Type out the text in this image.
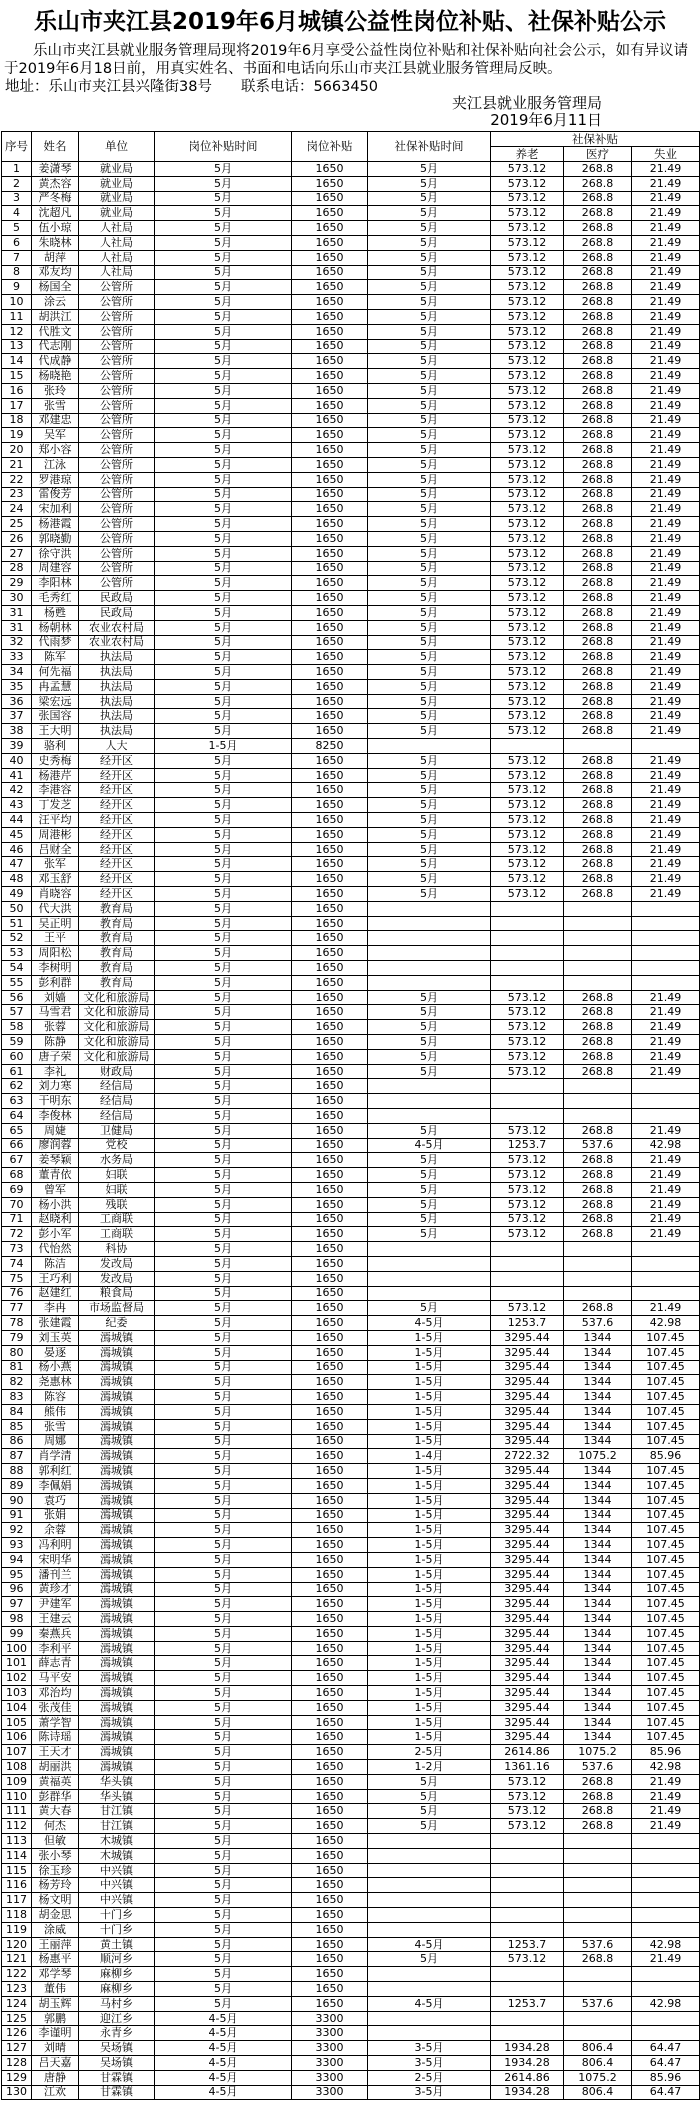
乐山市夹江县2019年6月城镇公益性岗位补贴、社保补贴公示
乐山市夹江县就业服务管理局现将2019年6月享受公益性岗位补贴和社保补贴向社会公示，如有异议请于2019年6月18日前，用真实姓名、书面和电话向乐山市夹江县就业服务管理局反映。
地址：乐山市夹江县兴隆街38号　　联系电话：5663450
夹江县就业服务管理局
2019年6月11日
序号	姓名	单位	岗位补贴时间	岗位补贴	社保补贴时间	社保补贴		
						养老	医疗	失业
1	姜潇琴	就业局	5月	1650	5月	573.12	268.8	21.49
2	黄杰容	就业局	5月	1650	5月	573.12	268.8	21.49
3	严冬梅	就业局	5月	1650	5月	573.12	268.8	21.49
4	沈超凡	就业局	5月	1650	5月	573.12	268.8	21.49
5	伍小琼	人社局	5月	1650	5月	573.12	268.8	21.49
6	朱晓林	人社局	5月	1650	5月	573.12	268.8	21.49
7	胡萍	人社局	5月	1650	5月	573.12	268.8	21.49
8	邓友均	人社局	5月	1650	5月	573.12	268.8	21.49
9	杨国全	公管所	5月	1650	5月	573.12	268.8	21.49
10	涂云	公管所	5月	1650	5月	573.12	268.8	21.49
11	胡洪江	公管所	5月	1650	5月	573.12	268.8	21.49
12	代胜文	公管所	5月	1650	5月	573.12	268.8	21.49
13	代志刚	公管所	5月	1650	5月	573.12	268.8	21.49
14	代成静	公管所	5月	1650	5月	573.12	268.8	21.49
15	杨晓艳	公管所	5月	1650	5月	573.12	268.8	21.49
16	张玲	公管所	5月	1650	5月	573.12	268.8	21.49
17	张雪	公管所	5月	1650	5月	573.12	268.8	21.49
18	邓建忠	公管所	5月	1650	5月	573.12	268.8	21.49
19	吴军	公管所	5月	1650	5月	573.12	268.8	21.49
20	郑小容	公管所	5月	1650	5月	573.12	268.8	21.49
21	江泳	公管所	5月	1650	5月	573.12	268.8	21.49
22	罗港琼	公管所	5月	1650	5月	573.12	268.8	21.49
23	雷俊芳	公管所	5月	1650	5月	573.12	268.8	21.49
24	宋加利	公管所	5月	1650	5月	573.12	268.8	21.49
25	杨港霞	公管所	5月	1650	5月	573.12	268.8	21.49
26	郭晓勤	公管所	5月	1650	5月	573.12	268.8	21.49
27	徐守洪	公管所	5月	1650	5月	573.12	268.8	21.49
28	周建容	公管所	5月	1650	5月	573.12	268.8	21.49
29	李阳林	公管所	5月	1650	5月	573.12	268.8	21.49
30	毛秀红	民政局	5月	1650	5月	573.12	268.8	21.49
31	杨甦	民政局	5月	1650	5月	573.12	268.8	21.49
31	杨朝林	农业农村局	5月	1650	5月	573.12	268.8	21.49
32	代雨梦	农业农村局	5月	1650	5月	573.12	268.8	21.49
33	陈军	执法局	5月	1650	5月	573.12	268.8	21.49
34	何先福	执法局	5月	1650	5月	573.12	268.8	21.49
35	冉孟慧	执法局	5月	1650	5月	573.12	268.8	21.49
36	梁宏远	执法局	5月	1650	5月	573.12	268.8	21.49
37	张国容	执法局	5月	1650	5月	573.12	268.8	21.49
38	王大明	执法局	5月	1650	5月	573.12	268.8	21.49
39	骆利	人大	1-5月	8250				
40	史秀梅	经开区	5月	1650	5月	573.12	268.8	21.49
41	杨港芹	经开区	5月	1650	5月	573.12	268.8	21.49
42	李港容	经开区	5月	1650	5月	573.12	268.8	21.49
43	丁发芝	经开区	5月	1650	5月	573.12	268.8	21.49
44	汪平均	经开区	5月	1650	5月	573.12	268.8	21.49
45	周港彬	经开区	5月	1650	5月	573.12	268.8	21.49
46	吕财全	经开区	5月	1650	5月	573.12	268.8	21.49
47	张军	经开区	5月	1650	5月	573.12	268.8	21.49
48	邓玉舒	经开区	5月	1650	5月	573.12	268.8	21.49
49	肖晓容	经开区	5月	1650	5月	573.12	268.8	21.49
50	代大洪	教育局	5月	1650				
51	吴正明	教育局	5月	1650				
52	王平	教育局	5月	1650				
53	周阳松	教育局	5月	1650				
54	李树明	教育局	5月	1650				
55	彭利群	教育局	5月	1650				
56	刘嫱	文化和旅游局	5月	1650	5月	573.12	268.8	21.49
57	马雪君	文化和旅游局	5月	1650	5月	573.12	268.8	21.49
58	张蓉	文化和旅游局	5月	1650	5月	573.12	268.8	21.49
59	陈静	文化和旅游局	5月	1650	5月	573.12	268.8	21.49
60	唐子荣	文化和旅游局	5月	1650	5月	573.12	268.8	21.49
61	李礼	财政局	5月	1650	5月	573.12	268.8	21.49
62	刘力寒	经信局	5月	1650				
63	干明东	经信局	5月	1650				
64	李俊林	经信局	5月	1650				
65	周婕	卫健局	5月	1650	5月	573.12	268.8	21.49
66	廖润蓉	党校	5月	1650	4-5月	1253.7	537.6	42.98
67	姜琴颖	水务局	5月	1650	5月	573.12	268.8	21.49
68	董青依	妇联	5月	1650	5月	573.12	268.8	21.49
69	曾军	妇联	5月	1650	5月	573.12	268.8	21.49
70	杨小洪	残联	5月	1650	5月	573.12	268.8	21.49
71	赵晓利	工商联	5月	1650	5月	573.12	268.8	21.49
72	彭小军	工商联	5月	1650	5月	573.12	268.8	21.49
73	代怡然	科协	5月	1650				
74	陈洁	发改局	5月	1650				
75	王巧利	发改局	5月	1650				
76	赵建红	粮食局	5月	1650				
77	李冉	市场监督局	5月	1650	5月	573.12	268.8	21.49
78	张建霞	纪委	5月	1650	4-5月	1253.7	537.6	42.98
79	刘玉英	漹城镇	5月	1650	1-5月	3295.44	1344	107.45
80	晏逐	漹城镇	5月	1650	1-5月	3295.44	1344	107.45
81	杨小燕	漹城镇	5月	1650	1-5月	3295.44	1344	107.45
82	尧惠林	漹城镇	5月	1650	1-5月	3295.44	1344	107.45
83	陈容	漹城镇	5月	1650	1-5月	3295.44	1344	107.45
84	熊伟	漹城镇	5月	1650	1-5月	3295.44	1344	107.45
85	张雪	漹城镇	5月	1650	1-5月	3295.44	1344	107.45
86	周娜	漹城镇	5月	1650	1-5月	3295.44	1344	107.45
87	肖学清	漹城镇	5月	1650	1-4月	2722.32	1075.2	85.96
88	郭利红	漹城镇	5月	1650	1-5月	3295.44	1344	107.45
89	李佩娟	漹城镇	5月	1650	1-5月	3295.44	1344	107.45
90	袁巧	漹城镇	5月	1650	1-5月	3295.44	1344	107.45
91	张娟	漹城镇	5月	1650	1-5月	3295.44	1344	107.45
92	余蓉	漹城镇	5月	1650	1-5月	3295.44	1344	107.45
93	冯利明	漹城镇	5月	1650	1-5月	3295.44	1344	107.45
94	宋明华	漹城镇	5月	1650	1-5月	3295.44	1344	107.45
95	潘刊兰	漹城镇	5月	1650	1-5月	3295.44	1344	107.45
96	黄珍才	漹城镇	5月	1650	1-5月	3295.44	1344	107.45
97	尹建军	漹城镇	5月	1650	1-5月	3295.44	1344	107.45
98	王建云	漹城镇	5月	1650	1-5月	3295.44	1344	107.45
99	秦燕兵	漹城镇	5月	1650	1-5月	3295.44	1344	107.45
100	李利平	漹城镇	5月	1650	1-5月	3295.44	1344	107.45
101	薛志青	漹城镇	5月	1650	1-5月	3295.44	1344	107.45
102	马平安	漹城镇	5月	1650	1-5月	3295.44	1344	107.45
103	邓治均	漹城镇	5月	1650	1-5月	3295.44	1344	107.45
104	张茂佳	漹城镇	5月	1650	1-5月	3295.44	1344	107.45
105	萧学智	漹城镇	5月	1650	1-5月	3295.44	1344	107.45
106	陈诗瑶	漹城镇	5月	1650	1-5月	3295.44	1344	107.45
107	王天才	漹城镇	5月	1650	2-5月	2614.86	1075.2	85.96
108	胡丽洪	漹城镇	5月	1650	1-2月	1361.16	537.6	42.98
109	黄福英	华头镇	5月	1650	5月	573.12	268.8	21.49
110	彭群华	华头镇	5月	1650	5月	573.12	268.8	21.49
111	黄大春	甘江镇	5月	1650	5月	573.12	268.8	21.49
112	何杰	甘江镇	5月	1650	5月	573.12	268.8	21.49
113	但敏	木城镇	5月	1650				
114	张小琴	木城镇	5月	1650				
115	徐玉珍	中兴镇	5月	1650				
116	杨芳玲	中兴镇	5月	1650				
117	杨文明	中兴镇	5月	1650				
118	胡金思	十门乡	5月	1650				
119	涂威	十门乡	5月	1650				
120	王丽萍	黄土镇	5月	1650	4-5月	1253.7	537.6	42.98
121	杨惠平	顺河乡	5月	1650	5月	573.12	268.8	21.49
122	邓学琴	麻柳乡	5月	1650				
123	董伟	麻柳乡	5月	1650				
124	胡玉辉	马村乡	5月	1650	4-5月	1253.7	537.6	42.98
125	郭鹏	迎江乡	4-5月	3300				
126	李谨明	永青乡	4-5月	3300				
127	刘晴	吴场镇	4-5月	3300	3-5月	1934.28	806.4	64.47
128	吕天嘉	吴场镇	4-5月	3300	3-5月	1934.28	806.4	64.47
129	唐静	甘霖镇	4-5月	3300	2-5月	2614.86	1075.2	85.96
130	江欢	甘霖镇	4-5月	3300	3-5月	1934.28	806.4	64.47
